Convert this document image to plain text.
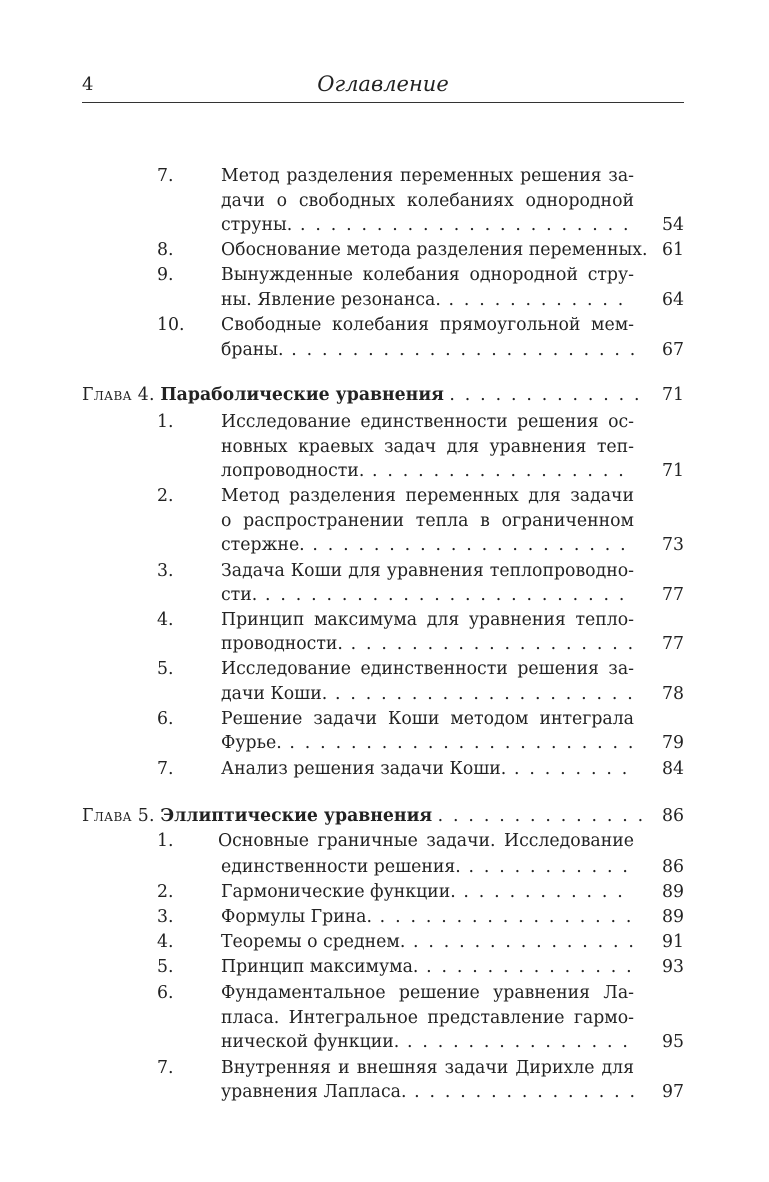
4	Оглавление
7.	Метод разделения переменных решения за-
дачи о свободных колебаниях однородной
струны. . . .	54
8.	Обоснование метода разделения переменных. 61
9.	Вынужденные колебания однородной стру-
ны. Явление резонанса. . . .	64
10.	Свободные колебания прямоугольной мем-
браны. . . .	67
Глава 4. Параболические уравнения . . .	71
1.	Исследование единственности решения ос-
новных краевых задач для уравнения теп-
лопроводности. . . .	71
2.	Метод разделения переменных для задачи
о распространении тепла в ограниченном
стержне. . . .	73
3.	Задача Коши для уравнения теплопроводно-
сти. . . .	77
4.	Принцип максимума для уравнения тепло-
проводности. . . .	77
5.	Исследование единственности решения за-
дачи Коши. . . .	78
6.	Решение задачи Коши методом интеграла
Фурье. . . .	79
7.	Анализ решения задачи Коши. . . .	84
Глава 5. Эллиптические уравнения . . .	86
1.	Основные граничные задачи. Исследование
единственности решения. . . .	86
2.	Гармонические функции. . . .	89
3.	Формулы Грина. . . .	89
4.	Теоремы о среднем. . . .	91
5.	Принцип максимума. . . .	93
6.	Фундаментальное решение уравнения Ла-
пласа. Интегральное представление гармо-
нической функции. . . .	95
7.	Внутренняя и внешняя задачи Дирихле для
уравнения Лапласа. . . .	97
